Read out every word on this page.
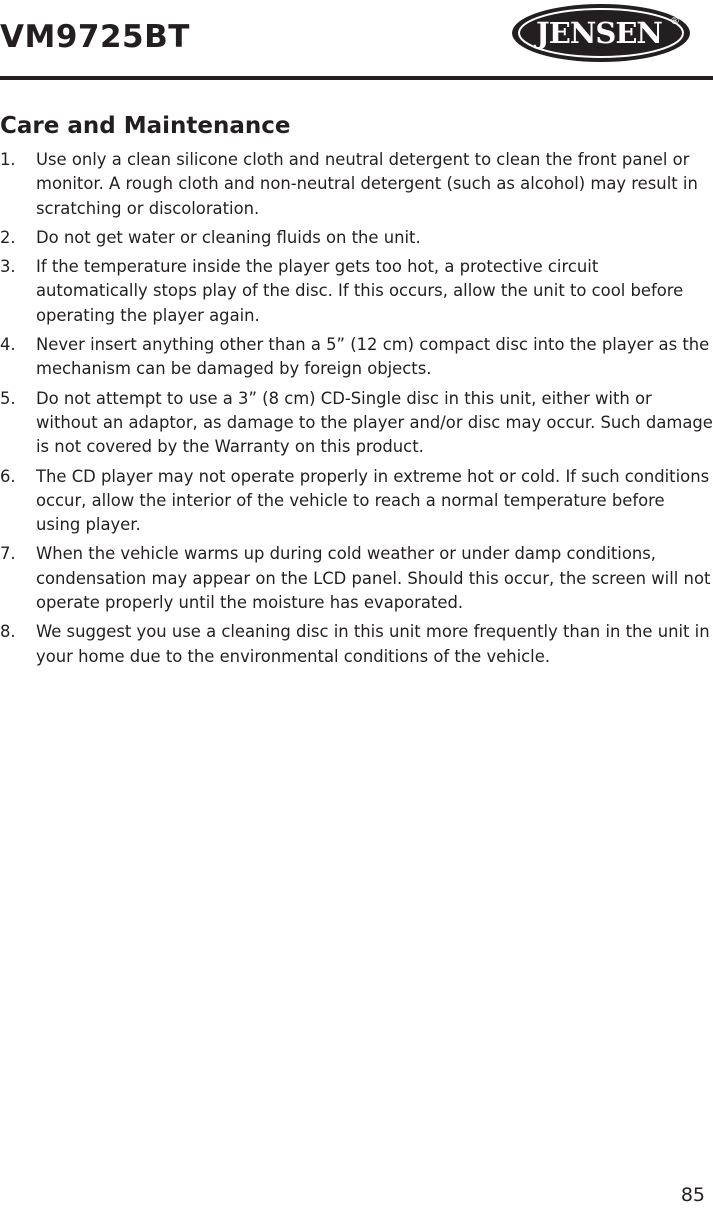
VM9725BT	JENSEN ®
Care and Maintenance
1. Use only a clean silicone cloth and neutral detergent to clean the front panel or monitor. A rough cloth and non-neutral detergent (such as alcohol) may result in scratching or discoloration.
2. Do not get water or cleaning fluids on the unit.
3. If the temperature inside the player gets too hot, a protective circuit automatically stops play of the disc. If this occurs, allow the unit to cool before operating the player again.
4. Never insert anything other than a 5” (12 cm) compact disc into the player as the mechanism can be damaged by foreign objects.
5. Do not attempt to use a 3” (8 cm) CD-Single disc in this unit, either with or without an adaptor, as damage to the player and/or disc may occur. Such damage is not covered by the Warranty on this product.
6. The CD player may not operate properly in extreme hot or cold. If such conditions occur, allow the interior of the vehicle to reach a normal temperature before using player.
7. When the vehicle warms up during cold weather or under damp conditions, condensation may appear on the LCD panel. Should this occur, the screen will not operate properly until the moisture has evaporated.
8. We suggest you use a cleaning disc in this unit more frequently than in the unit in your home due to the environmental conditions of the vehicle.
85
